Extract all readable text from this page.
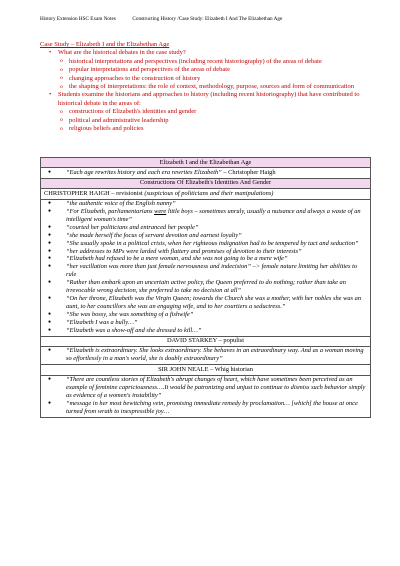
History Extension HSC Exam Notes	Constructing History /Case Study: Elizabeth I And The Elizabethan Age
Case Study – Elizabeth I and the Elizabethan Age
• What are the historical debates in the case study?
o historical interpretations and perspectives (including recent historiography) of the areas of debate
o popular interpretations and perspectives of the areas of debate
o changing approaches to the construction of history
o the shaping of interpretations: the role of context, methodology, purpose, sources and form of communication
• Students examine the historians and approaches to history (including recent historiography) that have contributed to historical debate in the areas of:
o constructions of Elizabeth's identities and gender
o political and administrative leadership
o religious beliefs and policies
Elizabeth I and the Elizabethan Age

● “Each age rewrites history and each era rewrites Elizabeth” – Christopher Haigh

Constructions Of Elizabeth's Identities And Gender
CHRISTOPHER HAIGH – revisionist (suspicious of politicians and their manipulations)

● “the authentic voice of the English nanny”
● “For Elizabeth, parliamentarians were little boys – sometimes unruly, usually a nuisance and always a waste of an intelligent woman's time”
● “courted her politicians and entranced her people”
● “she made herself the focus of servant devotion and earnest loyalty”
● “She usually spoke in a political crisis, when her righteous indignation had to be tempered by tact and seduction”
● “her addresses to MPs were larded with flattery and promises of devotion to their interests”
● “Elizabeth had refused to be a mere woman, and she was not going to be a mere wife”
● “her vacillation was more than just female nervousness and indecision” –> female nature limiting her abilities to rule
● “Rather than embark upon an uncertain active policy, the Queen preferred to do nothing; rather than take an irrevocable wrong decision, she preferred to take no decision at all”
● “On her throne, Elizabeth was the Virgin Queen; towards the Church she was a mother, with her nobles she was an aunt, to her councillors she was an engaging wife, and to her courtiers a seductress.”
● “She was bossy, she was something of a fishwife”
● “Elizabeth I was a bully…”
● “Elizabeth was a show-off and she dressed to kill…”

DAVID STARKEY – populist

● “Elizabeth is extraordinary. She looks extraordinary. She behaves in an extraordinary way. And as a woman moving so effortlessly in a man's world, she is doubly extraordinary”

SIR JOHN NEALE – Whig historian

● “There are countless stories of Elizabeth's abrupt changes of heart, which have sometimes been perceived as an example of feminine capriciousness….It would be patronizing and unjust to continue to dismiss such behavior simply as evidence of a women's instability”
● “message in her most bewitching vein, promising immediate remedy by proclamation… [which] the house at once turned from wrath to inexpressible joy…
